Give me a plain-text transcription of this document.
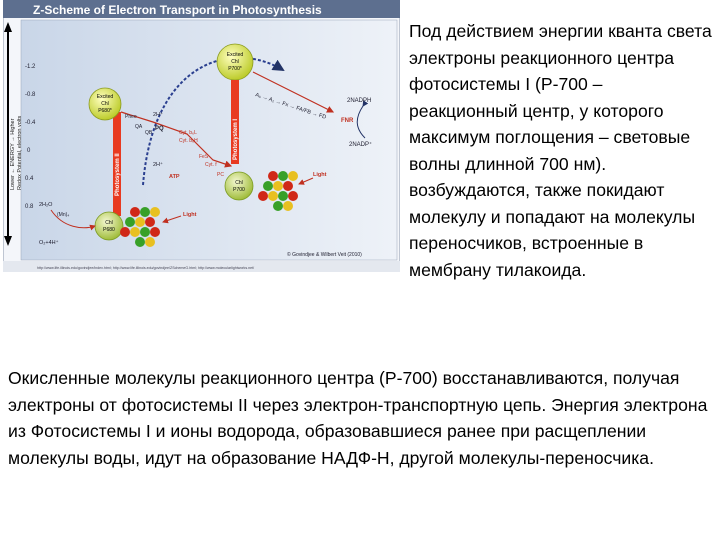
Z-Scheme of Electron Transport in Photosynthesis
Lower ← ENERGY → Higher Redox Potential, electron volts
-1.2
-0.8
-0.4
0
0.4
0.8
Excited
Chl
P700*
Photosystem I
A₀ → A₁ → Fx → FA/FB → FD
FNR
2NADPH
2NADP⁺
Photosystem II
Excited
Chl
P680*
Pheo
QA
QB
PQ
Cyt. b₆L
Cyt. b₆H
FeS
Cyt. f
PC
2H⁺
2H⁺
ATP
Chl
P700
Light
Chl
P680
Light
2H₂O
(Mn)₄
O₂+4H⁺
© Govindjee & Wilbert Veit (2010)
http://www.life.illinois.edu/govindjee/index.html; http://www.life.illinois.edu/govindjee/ZSchemeG.html; http://www.molecularlightworks.net/

Под действием энергии кванта света электроны реакционного центра фотосистемы I (P-700 – реакционный центр, у которого максимум поглощения – световые волны длинной 700 нм). возбуждаются, также покидают молекулу и попадают на молекулы переносчиков, встроенные в мембрану тилакоида.

Окисленные молекулы реакционного центра (P-700) восстанавливаются, получая электроны от фотосистемы II через электрон-транспортную цепь. Энергия электрона из Фотосистемы I и ионы водорода, образовавшиеся ранее при расщеплении молекулы воды, идут на образование НАДФ-Н, другой молекулы-переносчика.
